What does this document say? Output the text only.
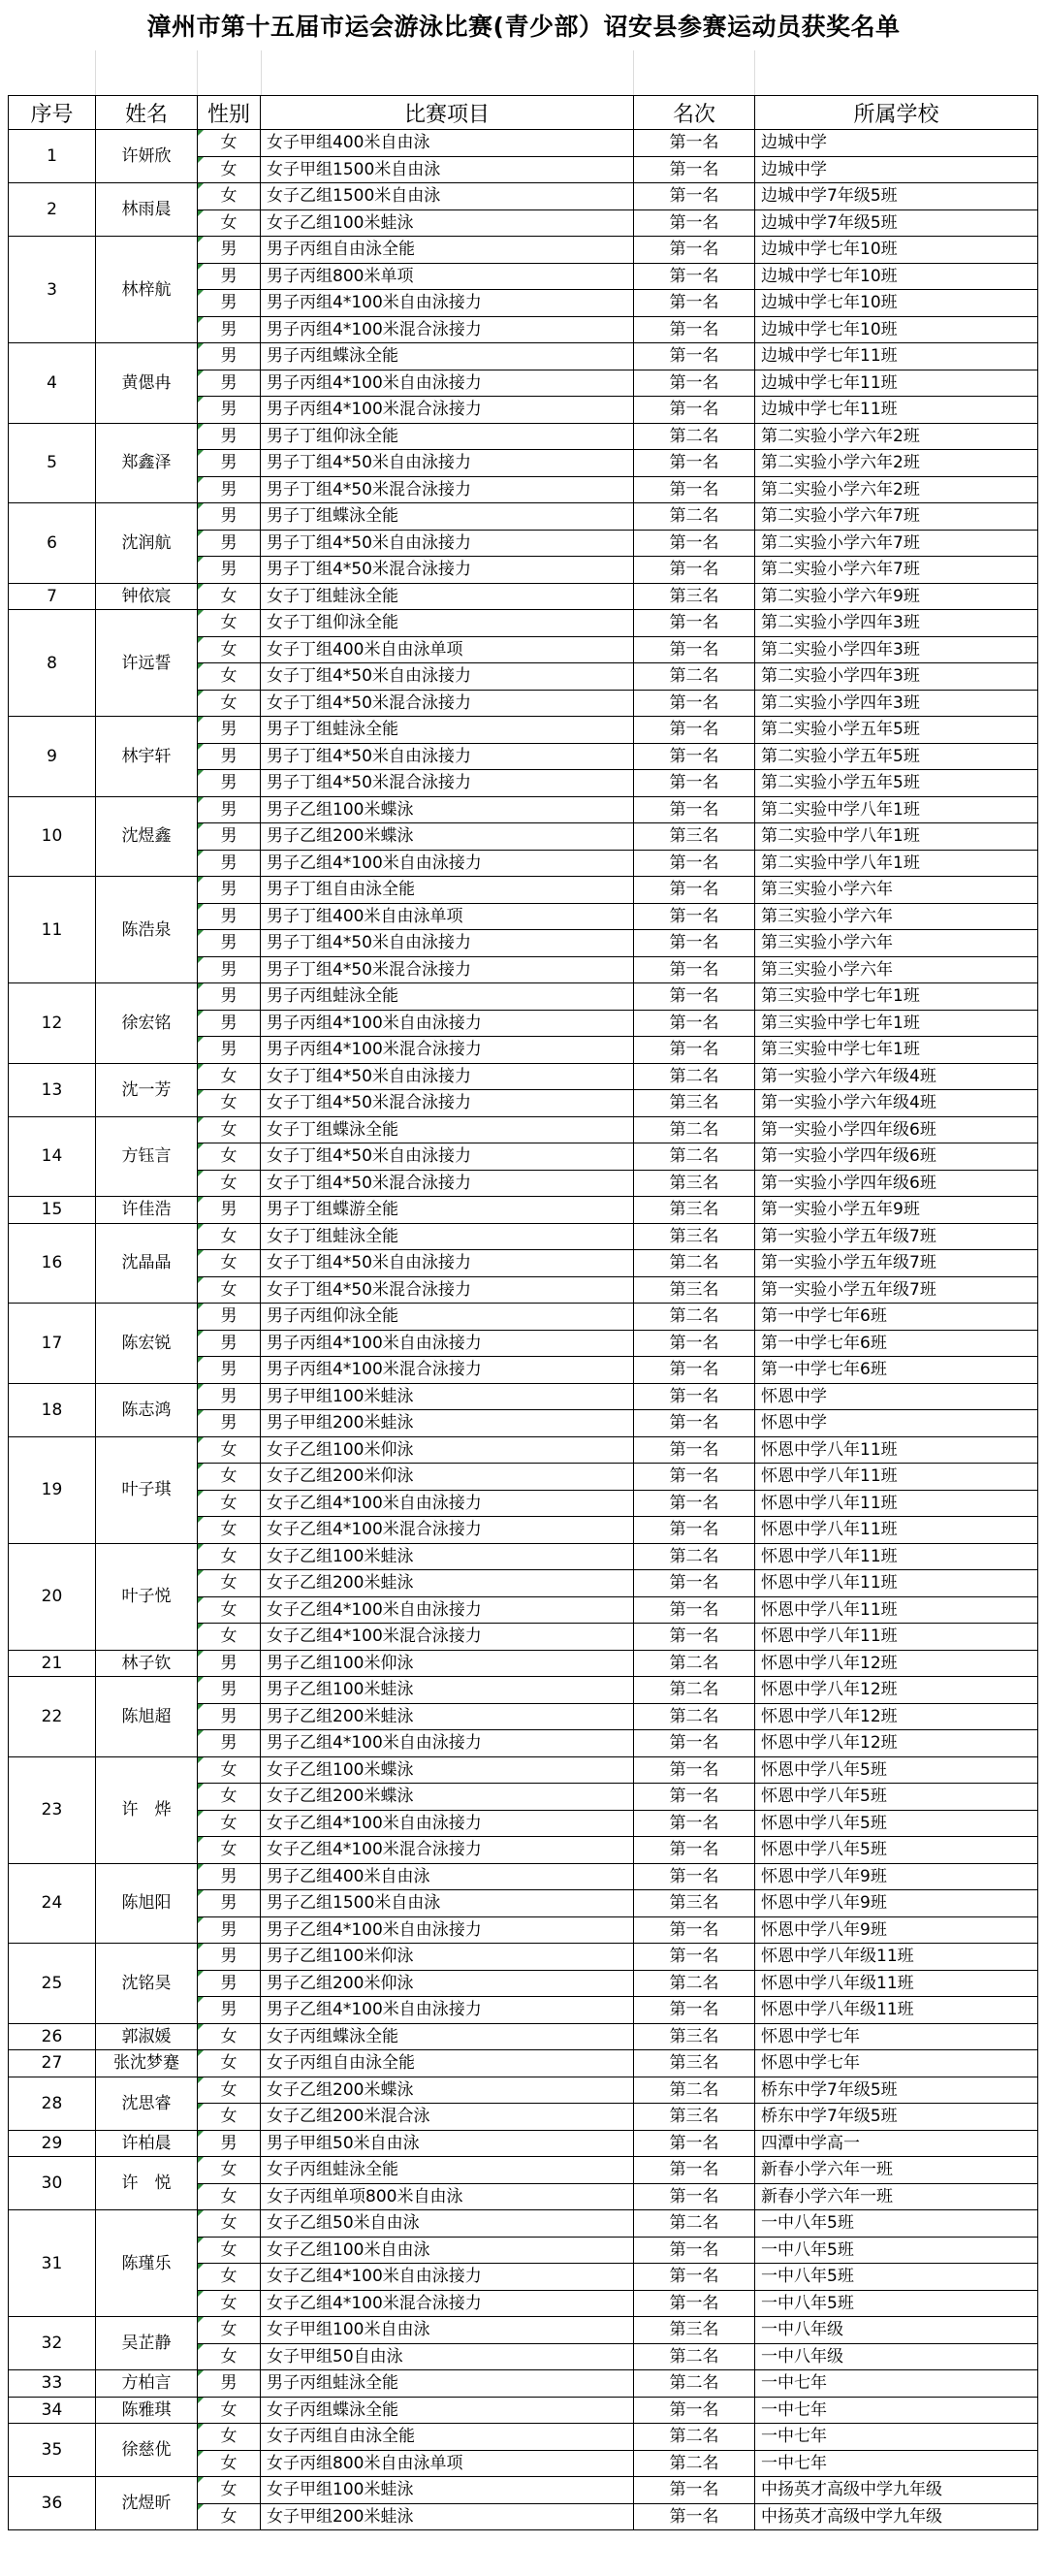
漳州市第十五届市运会游泳比赛(青少部）诏安县参赛运动员获奖名单
序号	姓名	性别	比赛项目	名次	所属学校
1	许妍欣	女	女子甲组400米自由泳	第一名	边城中学
		女	女子甲组1500米自由泳	第一名	边城中学
2	林雨晨	女	女子乙组1500米自由泳	第一名	边城中学7年级5班
		女	女子乙组100米蛙泳	第一名	边城中学7年级5班
3	林梓航	男	男子丙组自由泳全能	第一名	边城中学七年10班
		男	男子丙组800米单项	第一名	边城中学七年10班
		男	男子丙组4*100米自由泳接力	第一名	边城中学七年10班
		男	男子丙组4*100米混合泳接力	第一名	边城中学七年10班
4	黄偲冉	男	男子丙组蝶泳全能	第一名	边城中学七年11班
		男	男子丙组4*100米自由泳接力	第一名	边城中学七年11班
		男	男子丙组4*100米混合泳接力	第一名	边城中学七年11班
5	郑鑫泽	男	男子丁组仰泳全能	第二名	第二实验小学六年2班
		男	男子丁组4*50米自由泳接力	第一名	第二实验小学六年2班
		男	男子丁组4*50米混合泳接力	第一名	第二实验小学六年2班
6	沈润航	男	男子丁组蝶泳全能	第二名	第二实验小学六年7班
		男	男子丁组4*50米自由泳接力	第一名	第二实验小学六年7班
		男	男子丁组4*50米混合泳接力	第一名	第二实验小学六年7班
7	钟依宸	女	女子丁组蛙泳全能	第三名	第二实验小学六年9班
8	许远誓	女	女子丁组仰泳全能	第一名	第二实验小学四年3班
		女	女子丁组400米自由泳单项	第一名	第二实验小学四年3班
		女	女子丁组4*50米自由泳接力	第二名	第二实验小学四年3班
		女	女子丁组4*50米混合泳接力	第一名	第二实验小学四年3班
9	林宇轩	男	男子丁组蛙泳全能	第一名	第二实验小学五年5班
		男	男子丁组4*50米自由泳接力	第一名	第二实验小学五年5班
		男	男子丁组4*50米混合泳接力	第一名	第二实验小学五年5班
10	沈煜鑫	男	男子乙组100米蝶泳	第一名	第二实验中学八年1班
		男	男子乙组200米蝶泳	第三名	第二实验中学八年1班
		男	男子乙组4*100米自由泳接力	第一名	第二实验中学八年1班
11	陈浩泉	男	男子丁组自由泳全能	第一名	第三实验小学六年
		男	男子丁组400米自由泳单项	第一名	第三实验小学六年
		男	男子丁组4*50米自由泳接力	第一名	第三实验小学六年
		男	男子丁组4*50米混合泳接力	第一名	第三实验小学六年
12	徐宏铭	男	男子丙组蛙泳全能	第一名	第三实验中学七年1班
		男	男子丙组4*100米自由泳接力	第一名	第三实验中学七年1班
		男	男子丙组4*100米混合泳接力	第一名	第三实验中学七年1班
13	沈一芳	女	女子丁组4*50米自由泳接力	第二名	第一实验小学六年级4班
		女	女子丁组4*50米混合泳接力	第三名	第一实验小学六年级4班
14	方钰言	女	女子丁组蝶泳全能	第二名	第一实验小学四年级6班
		女	女子丁组4*50米自由泳接力	第二名	第一实验小学四年级6班
		女	女子丁组4*50米混合泳接力	第三名	第一实验小学四年级6班
15	许佳浩	男	男子丁组蝶游全能	第三名	第一实验小学五年9班
16	沈晶晶	女	女子丁组蛙泳全能	第三名	第一实验小学五年级7班
		女	女子丁组4*50米自由泳接力	第二名	第一实验小学五年级7班
		女	女子丁组4*50米混合泳接力	第三名	第一实验小学五年级7班
17	陈宏锐	男	男子丙组仰泳全能	第二名	第一中学七年6班
		男	男子丙组4*100米自由泳接力	第一名	第一中学七年6班
		男	男子丙组4*100米混合泳接力	第一名	第一中学七年6班
18	陈志鸿	男	男子甲组100米蛙泳	第一名	怀恩中学
		男	男子甲组200米蛙泳	第一名	怀恩中学
19	叶子琪	女	女子乙组100米仰泳	第一名	怀恩中学八年11班
		女	女子乙组200米仰泳	第一名	怀恩中学八年11班
		女	女子乙组4*100米自由泳接力	第一名	怀恩中学八年11班
		女	女子乙组4*100米混合泳接力	第一名	怀恩中学八年11班
20	叶子悦	女	女子乙组100米蛙泳	第二名	怀恩中学八年11班
		女	女子乙组200米蛙泳	第一名	怀恩中学八年11班
		女	女子乙组4*100米自由泳接力	第一名	怀恩中学八年11班
		女	女子乙组4*100米混合泳接力	第一名	怀恩中学八年11班
21	林子钦	男	男子乙组100米仰泳	第二名	怀恩中学八年12班
22	陈旭超	男	男子乙组100米蛙泳	第二名	怀恩中学八年12班
		男	男子乙组200米蛙泳	第二名	怀恩中学八年12班
		男	男子乙组4*100米自由泳接力	第一名	怀恩中学八年12班
23	许　烨	女	女子乙组100米蝶泳	第一名	怀恩中学八年5班
		女	女子乙组200米蝶泳	第一名	怀恩中学八年5班
		女	女子乙组4*100米自由泳接力	第一名	怀恩中学八年5班
		女	女子乙组4*100米混合泳接力	第一名	怀恩中学八年5班
24	陈旭阳	男	男子乙组400米自由泳	第一名	怀恩中学八年9班
		男	男子乙组1500米自由泳	第三名	怀恩中学八年9班
		男	男子乙组4*100米自由泳接力	第一名	怀恩中学八年9班
25	沈铭昊	男	男子乙组100米仰泳	第一名	怀恩中学八年级11班
		男	男子乙组200米仰泳	第二名	怀恩中学八年级11班
		男	男子乙组4*100米自由泳接力	第一名	怀恩中学八年级11班
26	郭淑媛	女	女子丙组蝶泳全能	第三名	怀恩中学七年
27	张沈梦蹇	女	女子丙组自由泳全能	第三名	怀恩中学七年
28	沈思睿	女	女子乙组200米蝶泳	第二名	桥东中学7年级5班
		女	女子乙组200米混合泳	第三名	桥东中学7年级5班
29	许柏晨	男	男子甲组50米自由泳	第一名	四潭中学高一
30	许　悦	女	女子丙组蛙泳全能	第一名	新春小学六年一班
		女	女子丙组单项800米自由泳	第一名	新春小学六年一班
31	陈瑾乐	女	女子乙组50米自由泳	第二名	一中八年5班
		女	女子乙组100米自由泳	第一名	一中八年5班
		女	女子乙组4*100米自由泳接力	第一名	一中八年5班
		女	女子乙组4*100米混合泳接力	第一名	一中八年5班
32	吴芷静	女	女子甲组100米自由泳	第三名	一中八年级
		女	女子甲组50自由泳	第二名	一中八年级
33	方柏言	男	男子丙组蛙泳全能	第二名	一中七年
34	陈雅琪	女	女子丙组蝶泳全能	第一名	一中七年
35	徐慈优	女	女子丙组自由泳全能	第二名	一中七年
		女	女子丙组800米自由泳单项	第二名	一中七年
36	沈煜昕	女	女子甲组100米蛙泳	第一名	中扬英才高级中学九年级
		女	女子甲组200米蛙泳	第一名	中扬英才高级中学九年级
